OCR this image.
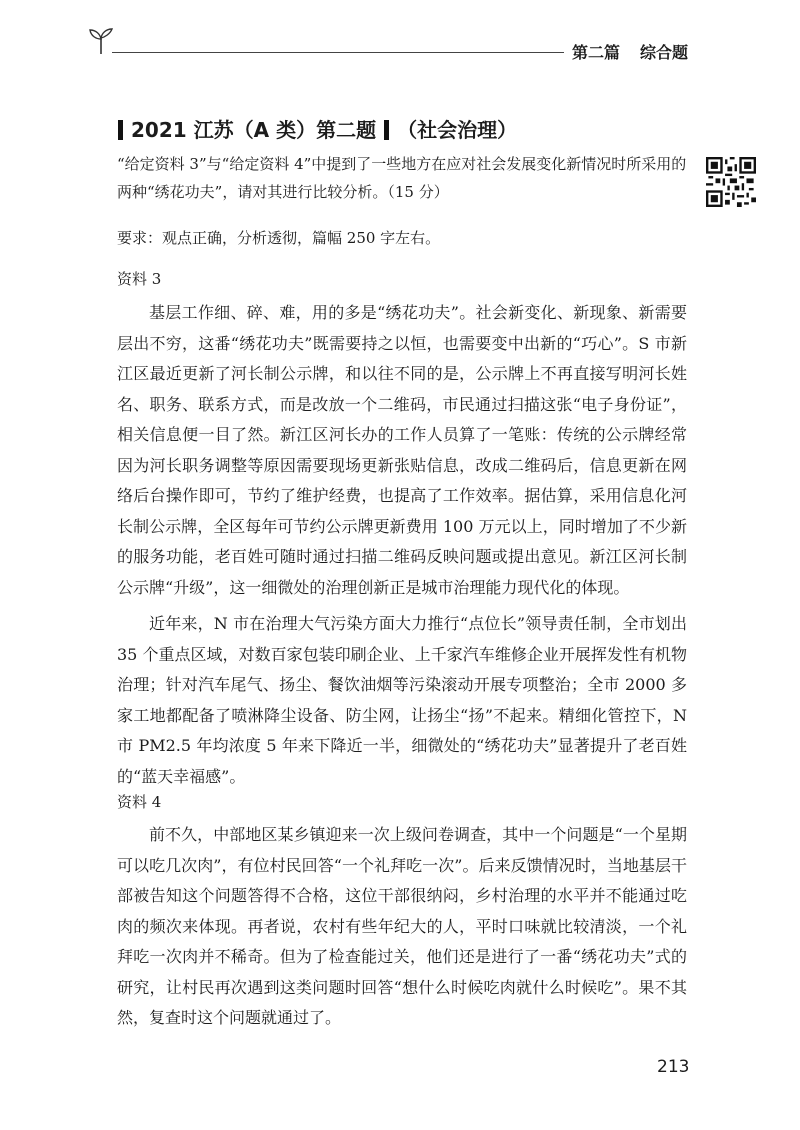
第二篇 综合题
2021 江苏（A 类）第二题 （社会治理）
“给定资料 3”与“给定资料 4”中提到了一些地方在应对社会发展变化新情况时所采用的两种“绣花功夫”，请对其进行比较分析。（15 分）
要求：观点正确，分析透彻，篇幅 250 字左右。
资料 3

基层工作细、碎、难，用的多是“绣花功夫”。社会新变化、新现象、新需要层出不穷，这番“绣花功夫”既需要持之以恒，也需要变中出新的“巧心”。S 市新江区最近更新了河长制公示牌，和以往不同的是，公示牌上不再直接写明河长姓名、职务、联系方式，而是改放一个二维码，市民通过扫描这张“电子身份证”，相关信息便一目了然。新江区河长办的工作人员算了一笔账：传统的公示牌经常因为河长职务调整等原因需要现场更新张贴信息，改成二维码后，信息更新在网络后台操作即可，节约了维护经费，也提高了工作效率。据估算，采用信息化河长制公示牌，全区每年可节约公示牌更新费用 100 万元以上，同时增加了不少新的服务功能，老百姓可随时通过扫描二维码反映问题或提出意见。新江区河长制公示牌“升级”，这一细微处的治理创新正是城市治理能力现代化的体现。

近年来，N 市在治理大气污染方面大力推行“点位长”领导责任制，全市划出 35 个重点区域，对数百家包装印刷企业、上千家汽车维修企业开展挥发性有机物治理；针对汽车尾气、扬尘、餐饮油烟等污染滚动开展专项整治；全市 2000 多家工地都配备了喷淋降尘设备、防尘网，让扬尘“扬”不起来。精细化管控下，N 市 PM2.5 年均浓度 5 年来下降近一半，细微处的“绣花功夫”显著提升了老百姓的“蓝天幸福感”。

资料 4

前不久，中部地区某乡镇迎来一次上级问卷调查，其中一个问题是“一个星期可以吃几次肉”，有位村民回答“一个礼拜吃一次”。后来反馈情况时，当地基层干部被告知这个问题答得不合格，这位干部很纳闷，乡村治理的水平并不能通过吃肉的频次来体现。再者说，农村有些年纪大的人，平时口味就比较清淡，一个礼拜吃一次肉并不稀奇。但为了检查能过关，他们还是进行了一番“绣花功夫”式的研究，让村民再次遇到这类问题时回答“想什么时候吃肉就什么时候吃”。果不其然，复查时这个问题就通过了。

213
